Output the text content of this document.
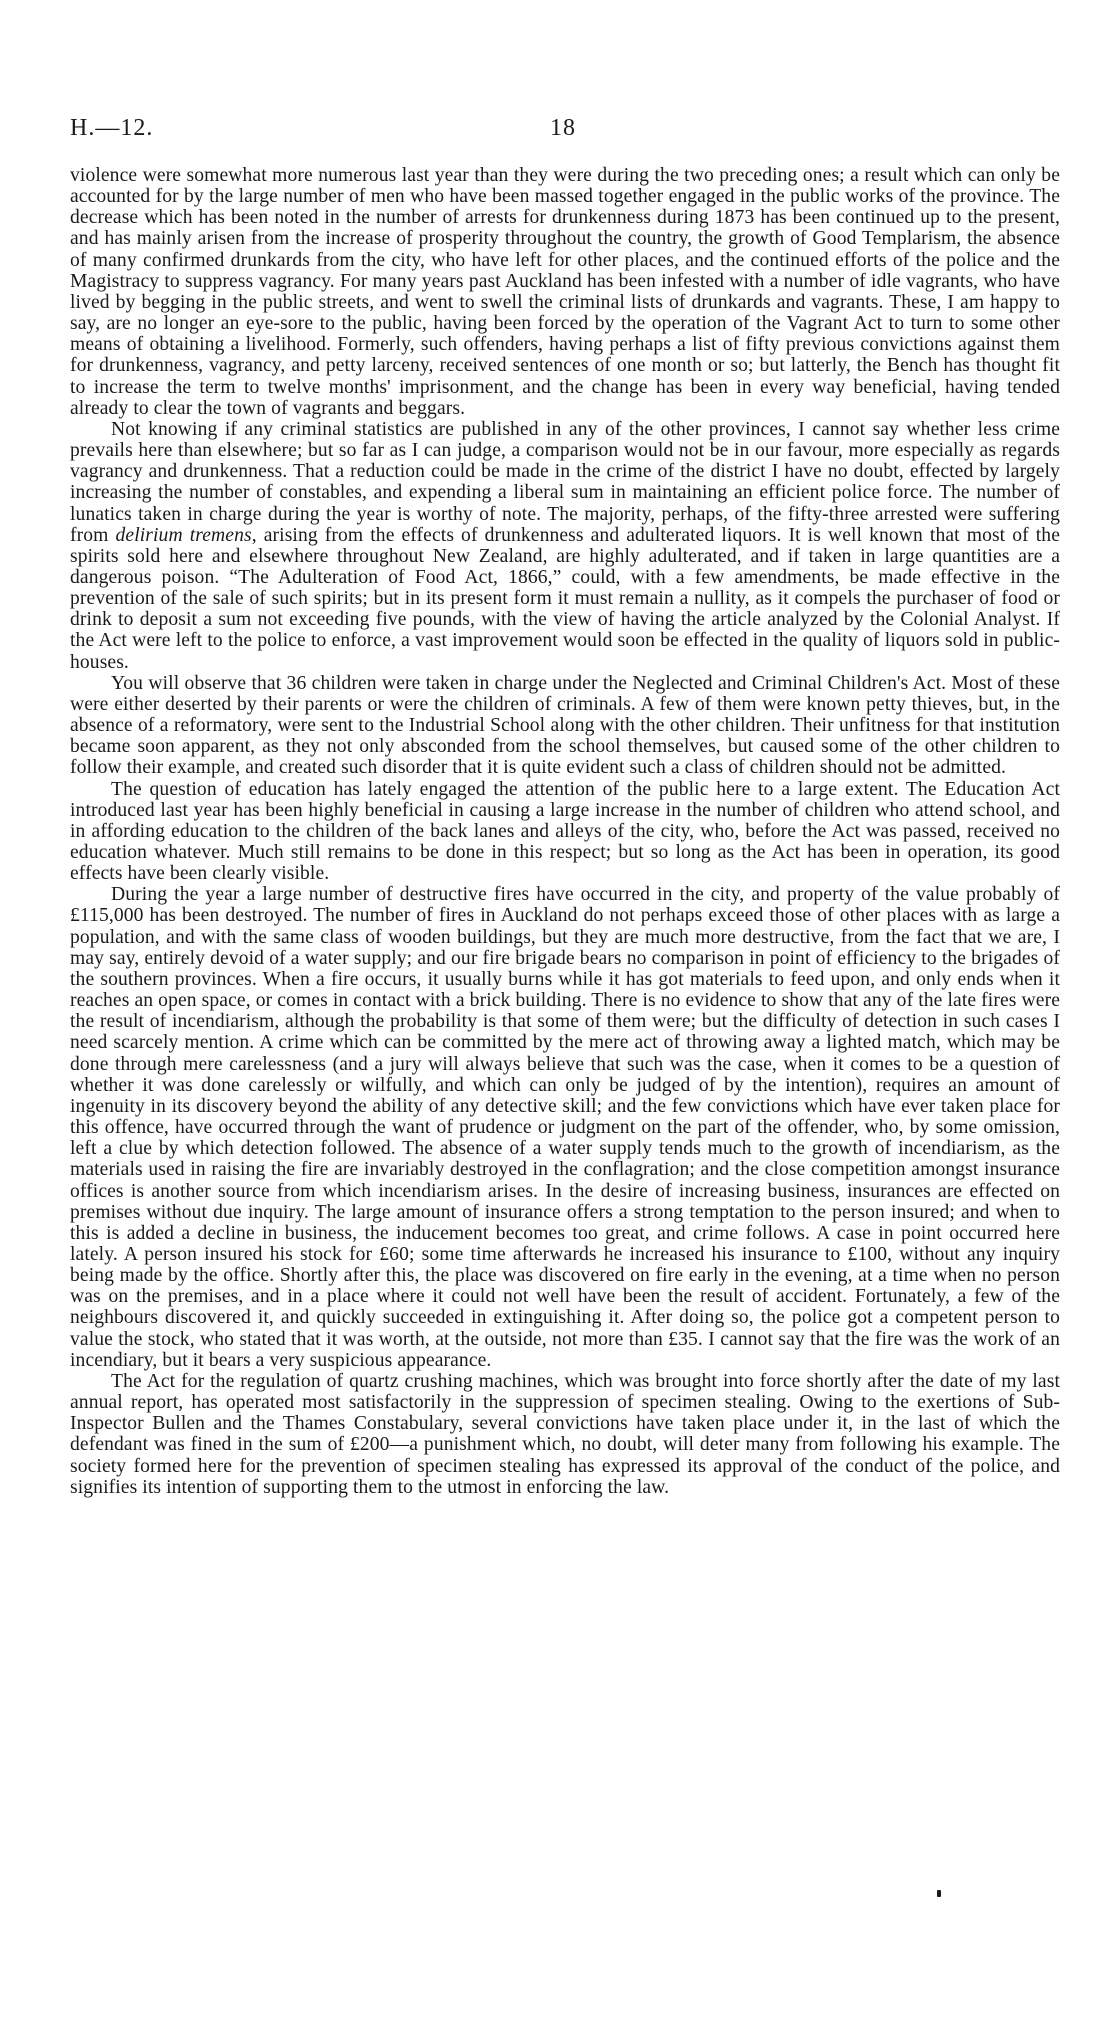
H.—12.	18

violence were somewhat more numerous last year than they were during the two preceding ones; a result which can only be accounted for by the large number of men who have been massed together engaged in the public works of the province. The decrease which has been noted in the number of arrests for drunkenness during 1873 has been continued up to the present, and has mainly arisen from the increase of prosperity throughout the country, the growth of Good Templarism, the absence of many confirmed drunkards from the city, who have left for other places, and the continued efforts of the police and the Magistracy to suppress vagrancy. For many years past Auckland has been infested with a number of idle vagrants, who have lived by begging in the public streets, and went to swell the criminal lists of drunkards and vagrants. These, I am happy to say, are no longer an eye-sore to the public, having been forced by the operation of the Vagrant Act to turn to some other means of obtaining a livelihood. Formerly, such offenders, having perhaps a list of fifty previous convictions against them for drunkenness, vagrancy, and petty larceny, received sentences of one month or so; but latterly, the Bench has thought fit to increase the term to twelve months' imprisonment, and the change has been in every way beneficial, having tended already to clear the town of vagrants and beggars.

Not knowing if any criminal statistics are published in any of the other provinces, I cannot say whether less crime prevails here than elsewhere; but so far as I can judge, a comparison would not be in our favour, more especially as regards vagrancy and drunkenness. That a reduction could be made in the crime of the district I have no doubt, effected by largely increasing the number of constables, and expending a liberal sum in maintaining an efficient police force. The number of lunatics taken in charge during the year is worthy of note. The majority, perhaps, of the fifty-three arrested were suffering from delirium tremens, arising from the effects of drunkenness and adulterated liquors. It is well known that most of the spirits sold here and elsewhere throughout New Zealand, are highly adulterated, and if taken in large quantities are a dangerous poison. “The Adulteration of Food Act, 1866,” could, with a few amendments, be made effective in the prevention of the sale of such spirits; but in its present form it must remain a nullity, as it compels the purchaser of food or drink to deposit a sum not exceeding five pounds, with the view of having the article analyzed by the Colonial Analyst. If the Act were left to the police to enforce, a vast improvement would soon be effected in the quality of liquors sold in public-houses.

You will observe that 36 children were taken in charge under the Neglected and Criminal Children's Act. Most of these were either deserted by their parents or were the children of criminals. A few of them were known petty thieves, but, in the absence of a reformatory, were sent to the Industrial School along with the other children. Their unfitness for that institution became soon apparent, as they not only absconded from the school themselves, but caused some of the other children to follow their example, and created such disorder that it is quite evident such a class of children should not be admitted.

The question of education has lately engaged the attention of the public here to a large extent. The Education Act introduced last year has been highly beneficial in causing a large increase in the number of children who attend school, and in affording education to the children of the back lanes and alleys of the city, who, before the Act was passed, received no education whatever. Much still remains to be done in this respect; but so long as the Act has been in operation, its good effects have been clearly visible.

During the year a large number of destructive fires have occurred in the city, and property of the value probably of £115,000 has been destroyed. The number of fires in Auckland do not perhaps exceed those of other places with as large a population, and with the same class of wooden buildings, but they are much more destructive, from the fact that we are, I may say, entirely devoid of a water supply; and our fire brigade bears no comparison in point of efficiency to the brigades of the southern provinces. When a fire occurs, it usually burns while it has got materials to feed upon, and only ends when it reaches an open space, or comes in contact with a brick building. There is no evidence to show that any of the late fires were the result of incendiarism, although the probability is that some of them were; but the difficulty of detection in such cases I need scarcely mention. A crime which can be committed by the mere act of throwing away a lighted match, which may be done through mere carelessness (and a jury will always believe that such was the case, when it comes to be a question of whether it was done carelessly or wilfully, and which can only be judged of by the intention), requires an amount of ingenuity in its discovery beyond the ability of any detective skill; and the few convictions which have ever taken place for this offence, have occurred through the want of prudence or judgment on the part of the offender, who, by some omission, left a clue by which detection followed. The absence of a water supply tends much to the growth of incendiarism, as the materials used in raising the fire are invariably destroyed in the conflagration; and the close competition amongst insurance offices is another source from which incendiarism arises. In the desire of increasing business, insurances are effected on premises without due inquiry. The large amount of insurance offers a strong temptation to the person insured; and when to this is added a decline in business, the inducement becomes too great, and crime follows. A case in point occurred here lately. A person insured his stock for £60; some time afterwards he increased his insurance to £100, without any inquiry being made by the office. Shortly after this, the place was discovered on fire early in the evening, at a time when no person was on the premises, and in a place where it could not well have been the result of accident. Fortunately, a few of the neighbours discovered it, and quickly succeeded in extinguishing it. After doing so, the police got a competent person to value the stock, who stated that it was worth, at the outside, not more than £35. I cannot say that the fire was the work of an incendiary, but it bears a very suspicious appearance.

The Act for the regulation of quartz crushing machines, which was brought into force shortly after the date of my last annual report, has operated most satisfactorily in the suppression of specimen stealing. Owing to the exertions of Sub-Inspector Bullen and the Thames Constabulary, several convictions have taken place under it, in the last of which the defendant was fined in the sum of £200—a punishment which, no doubt, will deter many from following his example. The society formed here for the prevention of specimen stealing has expressed its approval of the conduct of the police, and signifies its intention of supporting them to the utmost in enforcing the law.
